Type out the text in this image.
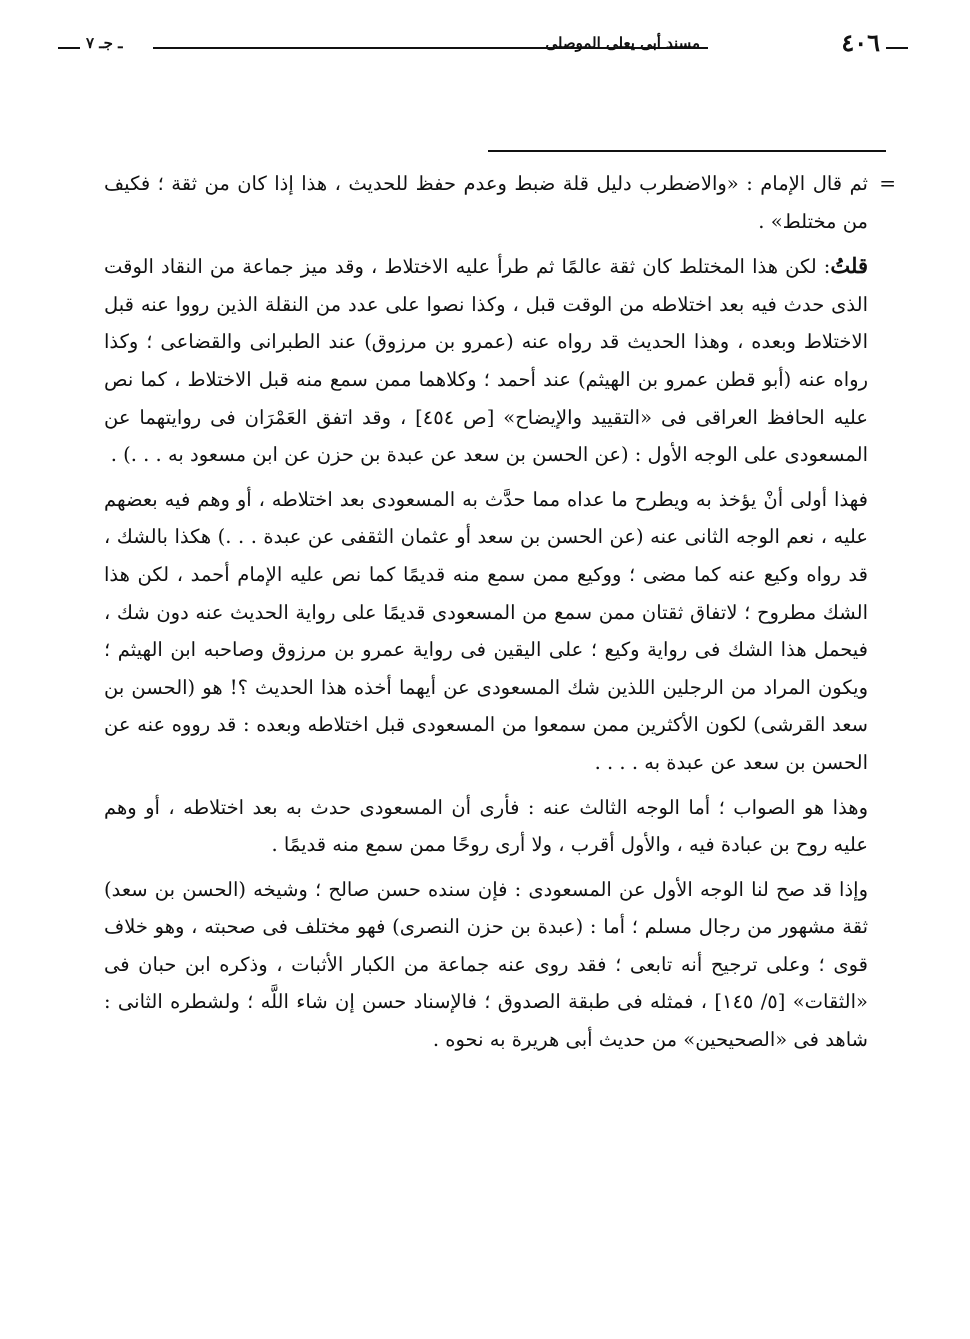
٤٠٦
مسند أبى يعلى الموصلى
ـ جـ ٧
=

ثم قال الإمام : «والاضطرب دليل قلة ضبط وعدم حفظ للحديث ، هذا إذا كان من ثقة ؛ فكيف من مختلط» .

قلتُ: لكن هذا المختلط كان ثقة عالمًا ثم طرأ عليه الاختلاط ، وقد ميز جماعة من النقاد الوقت الذى حدث فيه بعد اختلاطه من الوقت قبل ، وكذا نصوا على عدد من النقلة الذين رووا عنه قبل الاختلاط وبعده ، وهذا الحديث قد رواه عنه (عمرو بن مرزوق) عند الطبرانى والقضاعى ؛ وكذا رواه عنه (أبو قطن عمرو بن الهيثم) عند أحمد ؛ وكلاهما ممن سمع منه قبل الاختلاط ، كما نص عليه الحافظ العراقى فى «التقييد والإيضاح» [ص ٤٥٤] ، وقد اتفق العَمْرَان فى روايتهما عن المسعودى على الوجه الأول : (عن الحسن بن سعد عن عبدة بن حزن عن ابن مسعود به . . .) .

فهذا أولى أنْ يؤخذ به ويطرح ما عداه مما حدَّث به المسعودى بعد اختلاطه ، أو وهم فيه بعضهم عليه ، نعم الوجه الثانى عنه (عن الحسن بن سعد أو عثمان الثقفى عن عبدة . . .) هكذا بالشك ، قد رواه وكيع عنه كما مضى ؛ ووكيع ممن سمع منه قديمًا كما نص عليه الإمام أحمد ، لكن هذا الشك مطروح ؛ لاتفاق ثقتان ممن سمع من المسعودى قديمًا على رواية الحديث عنه دون شك ، فيحمل هذا الشك فى رواية وكيع ؛ على اليقين فى رواية عمرو بن مرزوق وصاحبه ابن الهيثم ؛ ويكون المراد من الرجلين اللذين شك المسعودى عن أيهما أخذه هذا الحديث ؟! هو (الحسن بن سعد القرشى) لكون الأكثرين ممن سمعوا من المسعودى قبل اختلاطه وبعده : قد رووه عنه عن الحسن بن سعد عن عبدة به . . . .

وهذا هو الصواب ؛ أما الوجه الثالث عنه : فأرى أن المسعودى حدث به بعد اختلاطه ، أو وهم عليه روح بن عبادة فيه ، والأول أقرب ، ولا أرى روحًا ممن سمع منه قديمًا .

وإذا قد صح لنا الوجه الأول عن المسعودى : فإن سنده حسن صالح ؛ وشيخه (الحسن بن سعد) ثقة مشهور من رجال مسلم ؛ أما : (عبدة بن حزن النصرى) فهو مختلف فى صحبته ، وهو خلاف قوى ؛ وعلى ترجيح أنه تابعى ؛ فقد روى عنه جماعة من الكبار الأثبات ، وذكره ابن حبان فى «الثقات» [٥/ ١٤٥] ، فمثله فى طبقة الصدوق ؛ فالإسناد حسن إن شاء اللَّه ؛ ولشطره الثانى : شاهد فى «الصحيحين» من حديث أبى هريرة به نحوه .
